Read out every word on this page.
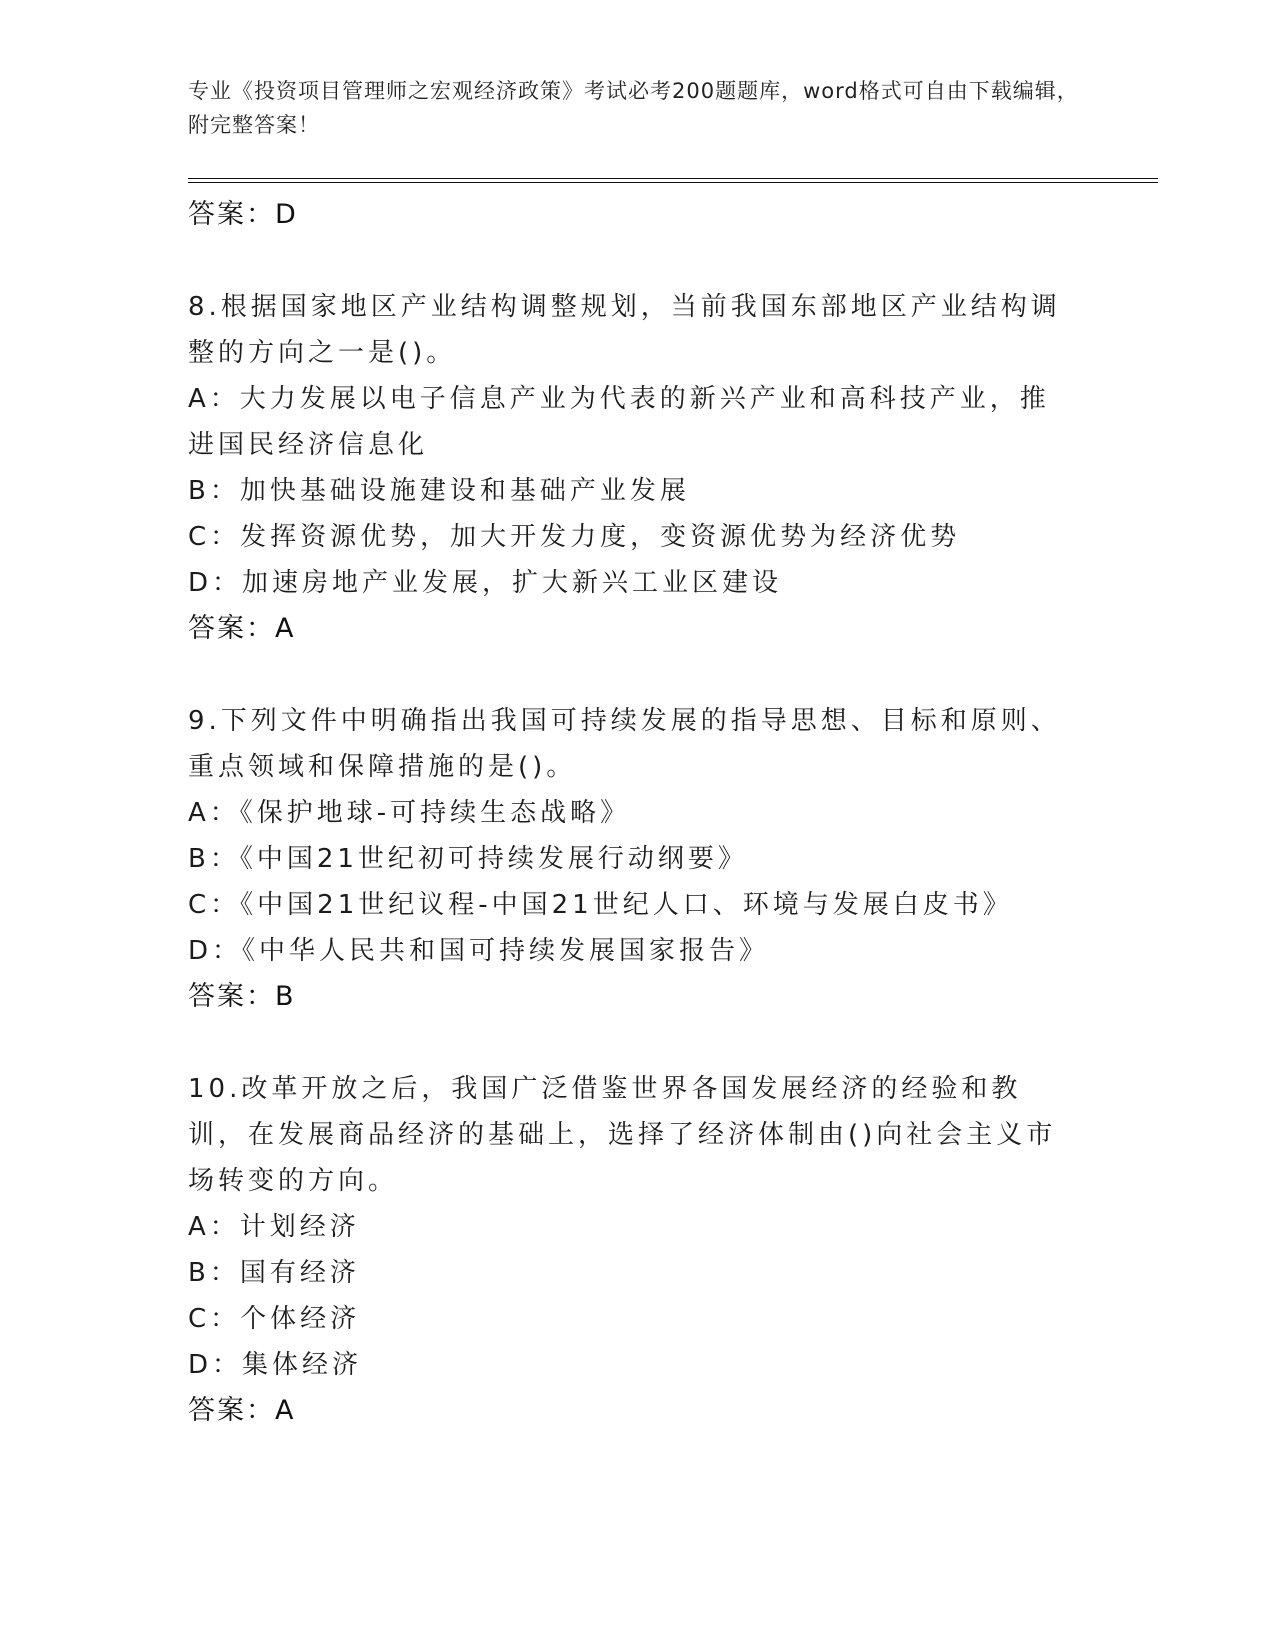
专业《投资项目管理师之宏观经济政策》考试必考200题题库，word格式可自由下载编辑，附完整答案！
答案：D
8.根据国家地区产业结构调整规划，当前我国东部地区产业结构调整的方向之一是()。
A：大力发展以电子信息产业为代表的新兴产业和高科技产业，推进国民经济信息化
B：加快基础设施建设和基础产业发展
C：发挥资源优势，加大开发力度，变资源优势为经济优势
D：加速房地产业发展，扩大新兴工业区建设
答案：A
9.下列文件中明确指出我国可持续发展的指导思想、目标和原则、重点领域和保障措施的是()。
A：《保护地球-可持续生态战略》
B：《中国21世纪初可持续发展行动纲要》
C：《中国21世纪议程-中国21世纪人口、环境与发展白皮书》
D：《中华人民共和国可持续发展国家报告》
答案：B
10.改革开放之后，我国广泛借鉴世界各国发展经济的经验和教训，在发展商品经济的基础上，选择了经济体制由()向社会主义市场转变的方向。
A：计划经济
B：国有经济
C：个体经济
D：集体经济
答案：A
